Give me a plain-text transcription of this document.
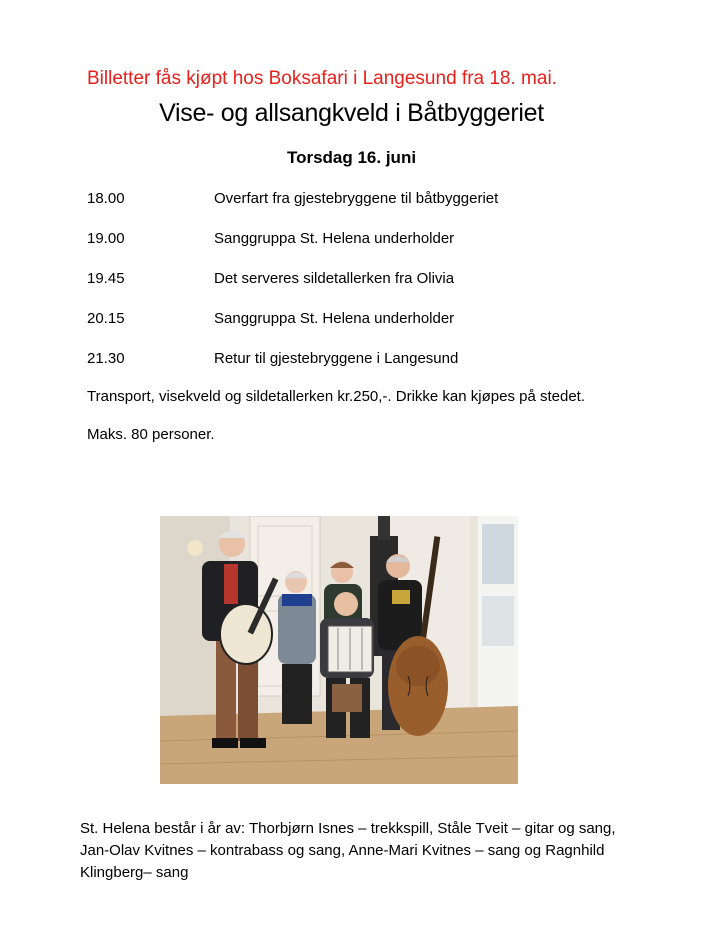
Billetter fås kjøpt hos Boksafari i Langesund fra 18. mai.
Vise- og allsangkveld i Båtbyggeriet
Torsdag 16. juni
18.00	Overfart fra gjestebryggene til båtbyggeriet
19.00	Sanggruppa St. Helena underholder
19.45	Det serveres sildetallerken fra Olivia
20.15	Sanggruppa St. Helena underholder
21.30	Retur til gjestebryggene i Langesund
Transport, visekveld og sildetallerken kr.250,-. Drikke kan kjøpes på stedet.
Maks. 80 personer.
St. Helena består i år av: Thorbjørn Isnes – trekkspill, Ståle Tveit – gitar og sang, Jan-Olav Kvitnes – kontrabass og sang, Anne-Mari Kvitnes – sang og Ragnhild Klingberg– sang
